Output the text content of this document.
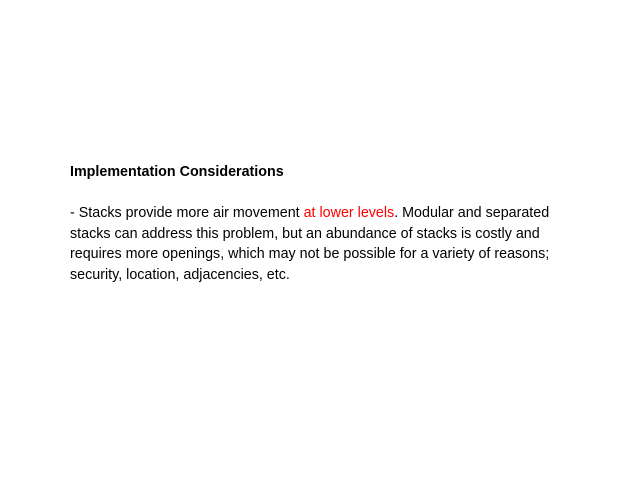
Implementation Considerations

- Stacks provide more air movement at lower levels. Modular and separated
stacks can address this problem, but an abundance of stacks is costly and
requires more openings, which may not be possible for a variety of reasons;
security, location, adjacencies, etc.
